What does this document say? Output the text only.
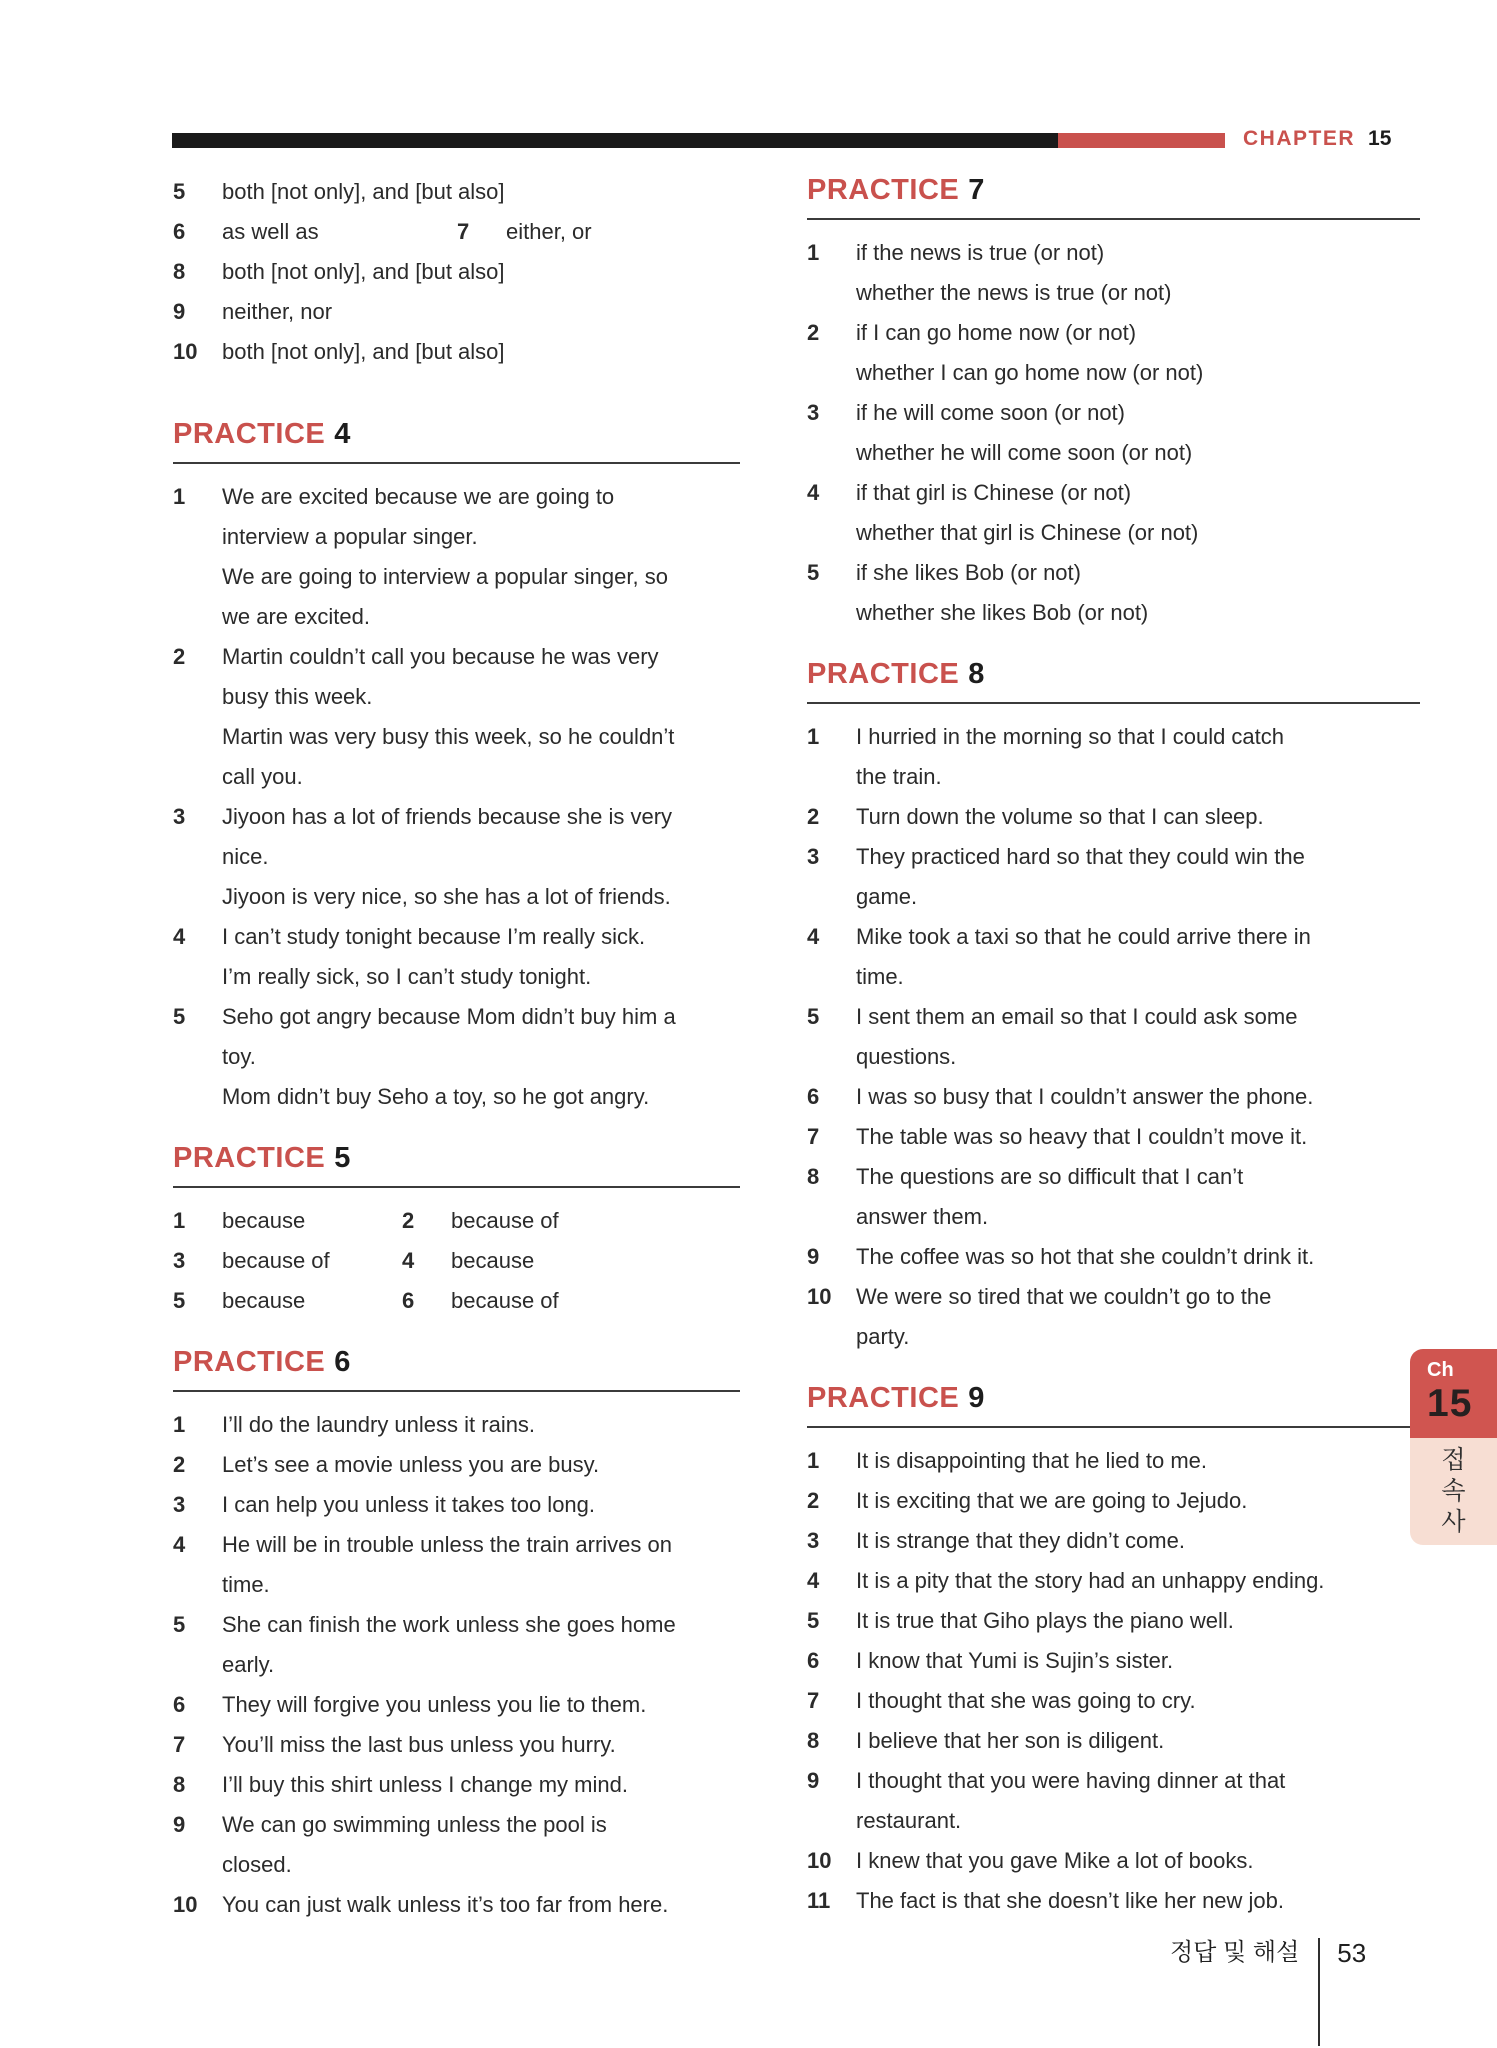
CHAPTER 15
5	both [not only], and [but also]
6	as well as	7	either, or
8	both [not only], and [but also]
9	neither, nor
10	both [not only], and [but also]
PRACTICE 4
1	We are excited because we are going to
interview a popular singer.
We are going to interview a popular singer, so
we are excited.
2	Martin couldn’t call you because he was very
busy this week.
Martin was very busy this week, so he couldn’t
call you.
3	Jiyoon has a lot of friends because she is very
nice.
Jiyoon is very nice, so she has a lot of friends.
4	I can’t study tonight because I’m really sick.
I’m really sick, so I can’t study tonight.
5	Seho got angry because Mom didn’t buy him a
toy.
Mom didn’t buy Seho a toy, so he got angry.
PRACTICE 5
1	because	2	because of
3	because of	4	because
5	because	6	because of
PRACTICE 6
1	I’ll do the laundry unless it rains.
2	Let’s see a movie unless you are busy.
3	I can help you unless it takes too long.
4	He will be in trouble unless the train arrives on
time.
5	She can finish the work unless she goes home
early.
6	They will forgive you unless you lie to them.
7	You’ll miss the last bus unless you hurry.
8	I’ll buy this shirt unless I change my mind.
9	We can go swimming unless the pool is
closed.
10	You can just walk unless it’s too far from here.
PRACTICE 7
1	if the news is true (or not)
whether the news is true (or not)
2	if I can go home now (or not)
whether I can go home now (or not)
3	if he will come soon (or not)
whether he will come soon (or not)
4	if that girl is Chinese (or not)
whether that girl is Chinese (or not)
5	if she likes Bob (or not)
whether she likes Bob (or not)
PRACTICE 8
1	I hurried in the morning so that I could catch
the train.
2	Turn down the volume so that I can sleep.
3	They practiced hard so that they could win the
game.
4	Mike took a taxi so that he could arrive there in
time.
5	I sent them an email so that I could ask some
questions.
6	I was so busy that I couldn’t answer the phone.
7	The table was so heavy that I couldn’t move it.
8	The questions are so difficult that I can’t
answer them.
9	The coffee was so hot that she couldn’t drink it.
10	We were so tired that we couldn’t go to the
party.
PRACTICE 9
1	It is disappointing that he lied to me.
2	It is exciting that we are going to Jejudo.
3	It is strange that they didn’t come.
4	It is a pity that the story had an unhappy ending.
5	It is true that Giho plays the piano well.
6	I know that Yumi is Sujin’s sister.
7	I thought that she was going to cry.
8	I believe that her son is diligent.
9	I thought that you were having dinner at that
restaurant.
10	I knew that you gave Mike a lot of books.
11	The fact is that she doesn’t like her new job.
Ch
15
접
속
사
정답 및 해설 53
